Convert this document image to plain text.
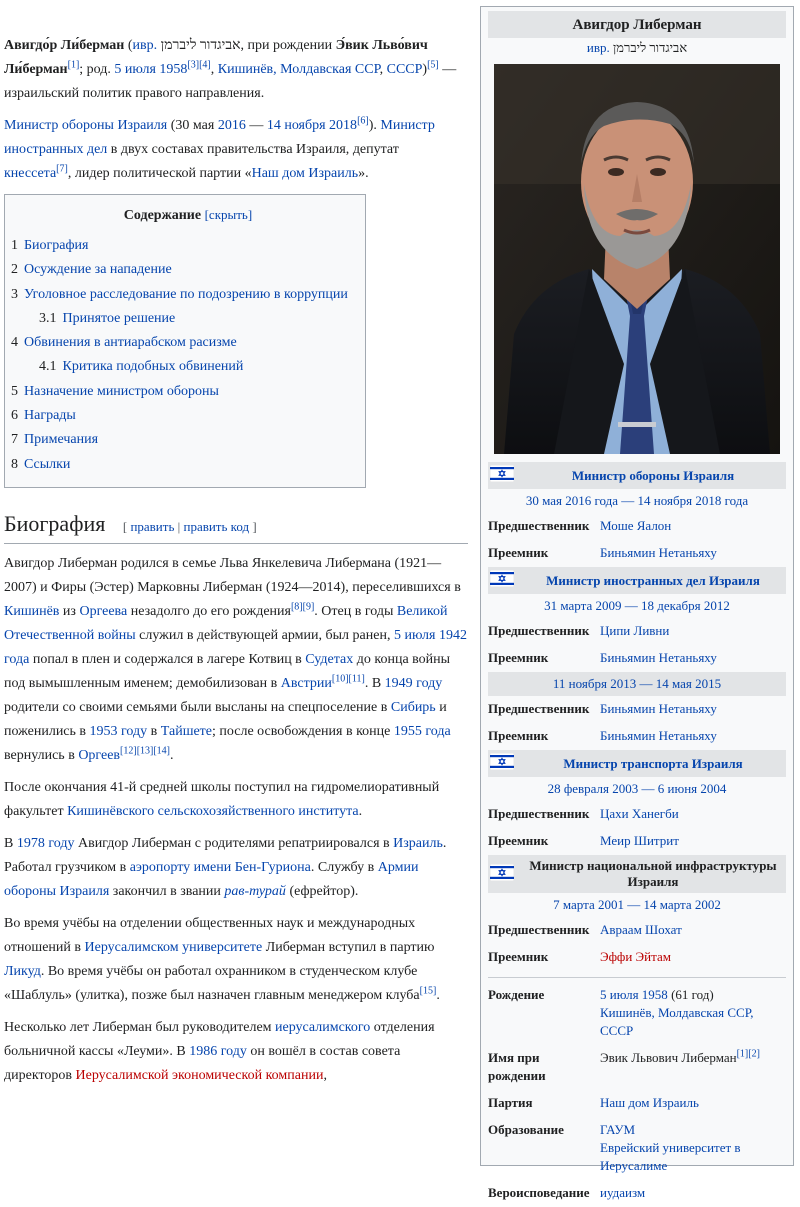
Авигдо́р Ли́берман (ивр. אביגדור ליברמן, при рождении Э́вик Льво́вич Ли́берман[1]; род. 5 июля 1958[3][4], Кишинёв, Молдавская ССР, СССР)[5] — израильский политик правого направления.

Министр обороны Израиля (30 мая 2016 — 14 ноября 2018[6]). Министр иностранных дел в двух составах правительства Израиля, депутат кнессета[7], лидер политической партии «Наш дом Израиль».

Содержание [скрыть]
1 Биография
2 Осуждение за нападение
3 Уголовное расследование по подозрению в коррупции
3.1 Принятое решение
4 Обвинения в антиарабском расизме
4.1 Критика подобных обвинений
5 Назначение министром обороны
6 Награды
7 Примечания
8 Ссылки
Биография [ править | править код ]

Авигдор Либерман родился в семье Льва Янкелевича Либермана (1921—2007) и Фиры (Эстер) Марковны Либерман (1924—2014), переселившихся в Кишинёв из Оргеева незадолго до его рождения[8][9]. Отец в годы Великой Отечественной войны служил в действующей армии, был ранен, 5 июля 1942 года попал в плен и содержался в лагере Котвиц в Судетах до конца войны под вымышленным именем; демобилизован в Австрии[10][11]. В 1949 году родители со своими семьями были высланы на спецпоселение в Сибирь и поженились в 1953 году в Тайшете; после освобождения в конце 1955 года вернулись в Оргеев[12][13][14].

После окончания 41-й средней школы поступил на гидромелиоративный факультет Кишинёвского сельскохозяйственного института.

В 1978 году Авигдор Либерман с родителями репатриировался в Израиль. Работал грузчиком в аэропорту имени Бен-Гуриона. Службу в Армии обороны Израиля закончил в звании рав-турай (ефрейтор).

Во время учёбы на отделении общественных наук и международных отношений в Иерусалимском университете Либерман вступил в партию Ликуд. Во время учёбы он работал охранником в студенческом клубе «Шаблуль» (улитка), позже был назначен главным менеджером клуба[15].

Несколько лет Либерман был руководителем иерусалимского отделения больничной кассы «Леуми». В 1986 году он вошёл в состав совета директоров Иерусалимской экономической компании,

Авигдор Либерман
ивр. אביגדור ליברמן
Министр обороны Израиля
30 мая 2016 года — 14 ноября 2018 года
Предшественник Моше Яалон
Преемник	Биньямин Нетаньяху
Министр иностранных дел Израиля
31 марта 2009 — 18 декабря 2012
Предшественник Ципи Ливни
Преемник	Биньямин Нетаньяху
11 ноября 2013 — 14 мая 2015
Предшественник Биньямин Нетаньяху
Преемник	Биньямин Нетаньяху
Министр транспорта Израиля
28 февраля 2003 — 6 июня 2004
Предшественник Цахи Ханегби
Преемник	Меир Шитрит
Министр национальной инфраструктуры Израиля
7 марта 2001 — 14 марта 2002
Предшественник Авраам Шохат
Преемник	Эффи Эйтам
Рождение	5 июля 1958 (61 год)
Кишинёв, Молдавская ССР,
СССР
Имя при рождении
Эвик Львович Либерман[1][2]
Партия	Наш дом Израиль
Образование	ГАУМ
Еврейский университет в Иерусалиме
Вероисповедание иудаизм
